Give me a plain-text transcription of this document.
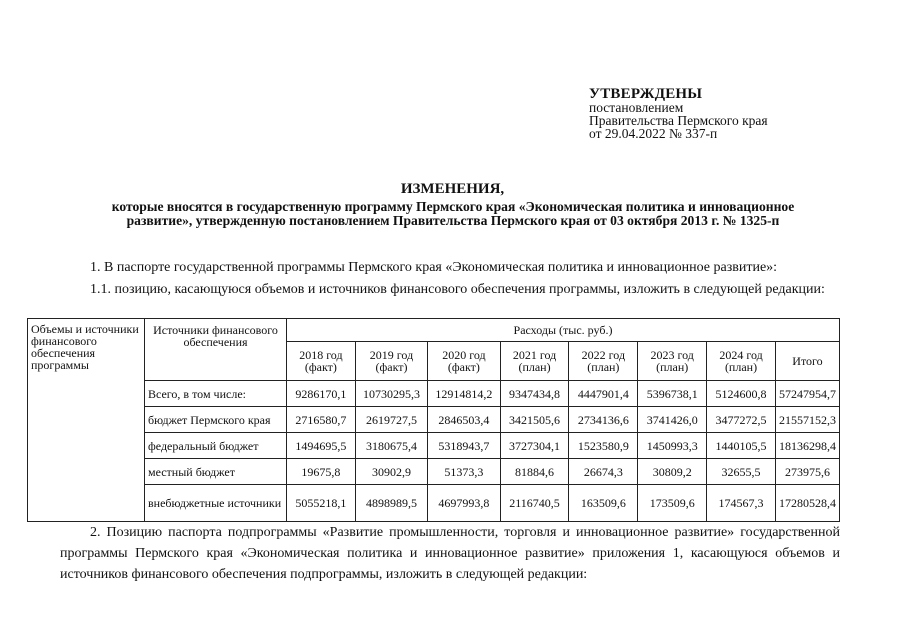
УТВЕРЖДЕНЫ
постановлением
Правительства Пермского края
от 29.04.2022 № 337-п
ИЗМЕНЕНИЯ,
которые вносятся в государственную программу Пермского края «Экономическая политика и инновационное
развитие», утвержденную постановлением Правительства Пермского края от 03 октября 2013 г. № 1325-п
1. В паспорте государственной программы Пермского края «Экономическая политика и инновационное развитие»:
1.1. позицию, касающуюся объемов и источников финансового обеспечения программы, изложить в следующей редакции:
Объемы и источники финансового обеспечения программы	Источники финансового обеспечения	Расходы (тыс. руб.)							
		2018 год (факт)	2019 год (факт)	2020 год (факт)	2021 год (план)	2022 год (план)	2023 год (план)	2024 год (план)	Итого
	Всего, в том числе:	9286170,1	10730295,3	12914814,2	9347434,8	4447901,4	5396738,1	5124600,8	57247954,7
	бюджет Пермского края	2716580,7	2619727,5	2846503,4	3421505,6	2734136,6	3741426,0	3477272,5	21557152,3
	федеральный бюджет	1494695,5	3180675,4	5318943,7	3727304,1	1523580,9	1450993,3	1440105,5	18136298,4
	местный бюджет	19675,8	30902,9	51373,3	81884,6	26674,3	30809,2	32655,5	273975,6
	внебюджетные источники	5055218,1	4898989,5	4697993,8	2116740,5	163509,6	173509,6	174567,3	17280528,4
2. Позицию паспорта подпрограммы «Развитие промышленности, торговля и инновационное развитие» государственной программы Пермского края «Экономическая политика и инновационное развитие» приложения 1, касающуюся объемов и источников финансового обеспечения подпрограммы, изложить в следующей редакции:
